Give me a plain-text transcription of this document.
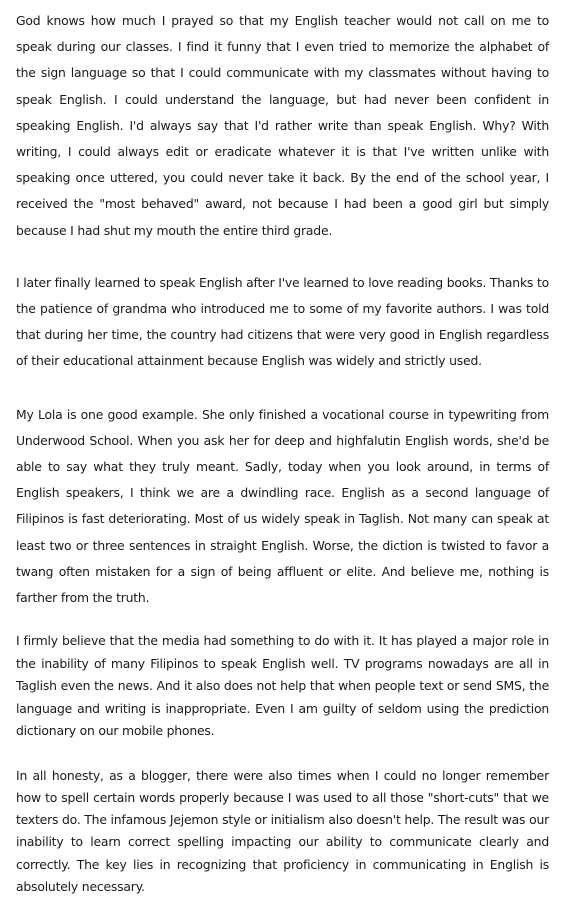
God knows how much I prayed so that my English teacher would not call on me to speak during our classes. I find it funny that I even tried to memorize the alphabet of the sign language so that I could communicate with my classmates without having to speak English. I could understand the language, but had never been confident in speaking English. I'd always say that I'd rather write than speak English. Why? With writing, I could always edit or eradicate whatever it is that I've written unlike with speaking once uttered, you could never take it back. By the end of the school year, I received the "most behaved" award, not because I had been a good girl but simply because I had shut my mouth the entire third grade.

I later finally learned to speak English after I've learned to love reading books. Thanks to the patience of grandma who introduced me to some of my favorite authors. I was told that during her time, the country had citizens that were very good in English regardless of their educational attainment because English was widely and strictly used.

My Lola is one good example. She only finished a vocational course in typewriting from Underwood School. When you ask her for deep and highfalutin English words, she'd be able to say what they truly meant. Sadly, today when you look around, in terms of English speakers, I think we are a dwindling race. English as a second language of Filipinos is fast deteriorating. Most of us widely speak in Taglish. Not many can speak at least two or three sentences in straight English. Worse, the diction is twisted to favor a twang often mistaken for a sign of being affluent or elite. And believe me, nothing is farther from the truth.

I firmly believe that the media had something to do with it. It has played a major role in the inability of many Filipinos to speak English well. TV programs nowadays are all in Taglish even the news. And it also does not help that when people text or send SMS, the language and writing is inappropriate. Even I am guilty of seldom using the prediction dictionary on our mobile phones.

In all honesty, as a blogger, there were also times when I could no longer remember how to spell certain words properly because I was used to all those "short-cuts" that we texters do. The infamous Jejemon style or initialism also doesn't help. The result was our inability to learn correct spelling impacting our ability to communicate clearly and correctly. The key lies in recognizing that proficiency in communicating in English is absolutely necessary.
